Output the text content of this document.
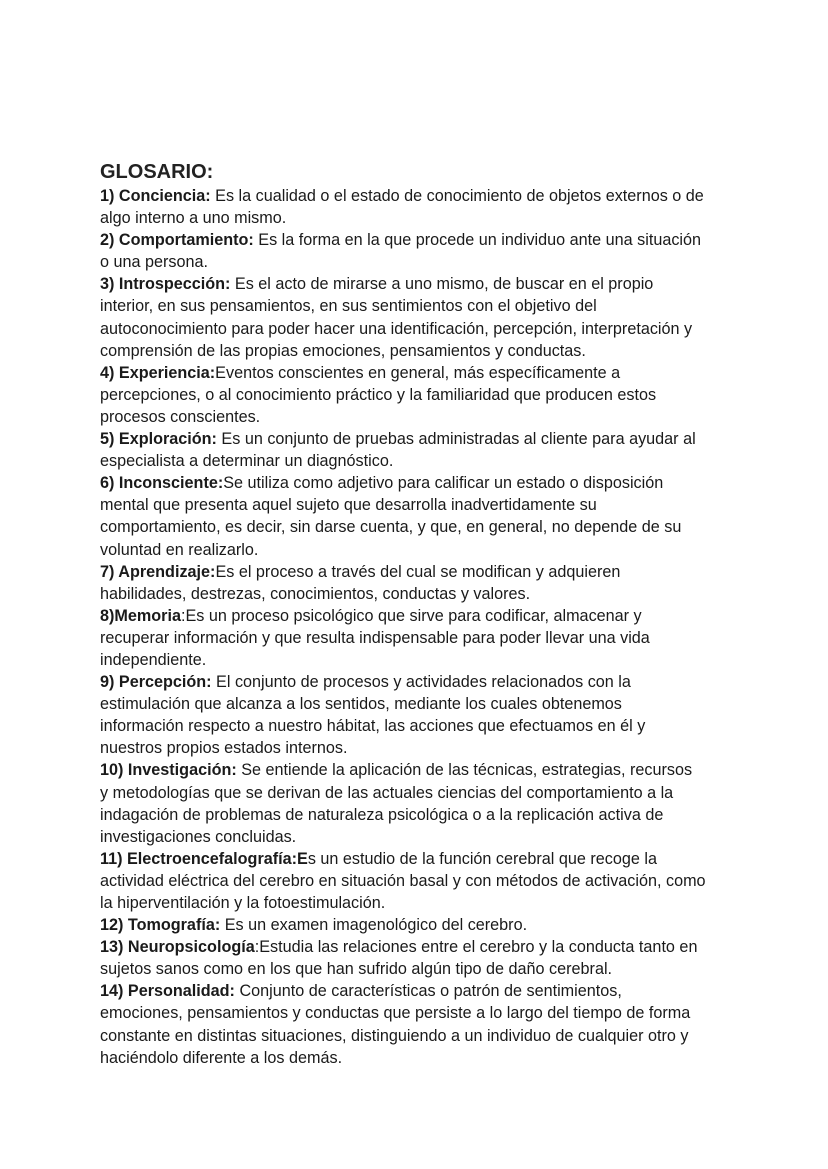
GLOSARIO:

1) Conciencia: Es la cualidad o el estado de conocimiento de objetos externos o de
algo interno a uno mismo.

2) Comportamiento: Es la forma en la que procede un individuo ante una situación
o una persona.

3) Introspección: Es el acto de mirarse a uno mismo, de buscar en el propio
interior, en sus pensamientos, en sus sentimientos con el objetivo del
autoconocimiento para poder hacer una identificación, percepción, interpretación y
comprensión de las propias emociones, pensamientos y conductas.

4) Experiencia:Eventos conscientes en general, más específicamente a
percepciones, o al conocimiento práctico y la familiaridad que producen estos
procesos conscientes.

5) Exploración: Es un conjunto de pruebas administradas al cliente para ayudar al
especialista a determinar un diagnóstico.

6) Inconsciente:Se utiliza como adjetivo para calificar un estado o disposición
mental que presenta aquel sujeto que desarrolla inadvertidamente su
comportamiento, es decir, sin darse cuenta, y que, en general, no depende de su
voluntad en realizarlo.

7) Aprendizaje:Es el proceso a través del cual se modifican y adquieren
habilidades, destrezas, conocimientos, conductas y valores.

8)Memoria:Es un proceso psicológico que sirve para codificar, almacenar y
recuperar información y que resulta indispensable para poder llevar una vida
independiente.

9) Percepción: El conjunto de procesos y actividades relacionados con la
estimulación que alcanza a los sentidos, mediante los cuales obtenemos
información respecto a nuestro hábitat, las acciones que efectuamos en él y
nuestros propios estados internos.

10) Investigación: Se entiende la aplicación de las técnicas, estrategias, recursos
y metodologías que se derivan de las actuales ciencias del comportamiento a la
indagación de problemas de naturaleza psicológica o a la replicación activa de
investigaciones concluidas.

11) Electroencefalografía:Es un estudio de la función cerebral que recoge la
actividad eléctrica del cerebro en situación basal y con métodos de activación, como
la hiperventilación y la fotoestimulación.

12) Tomografía: Es un examen imagenológico del cerebro.

13) Neuropsicología:Estudia las relaciones entre el cerebro y la conducta tanto en
sujetos sanos como en los que han sufrido algún tipo de daño cerebral.

14) Personalidad: Conjunto de características o patrón de sentimientos,
emociones, pensamientos y conductas que persiste a lo largo del tiempo de forma
constante en distintas situaciones, distinguiendo a un individuo de cualquier otro y
haciéndolo diferente a los demás.
